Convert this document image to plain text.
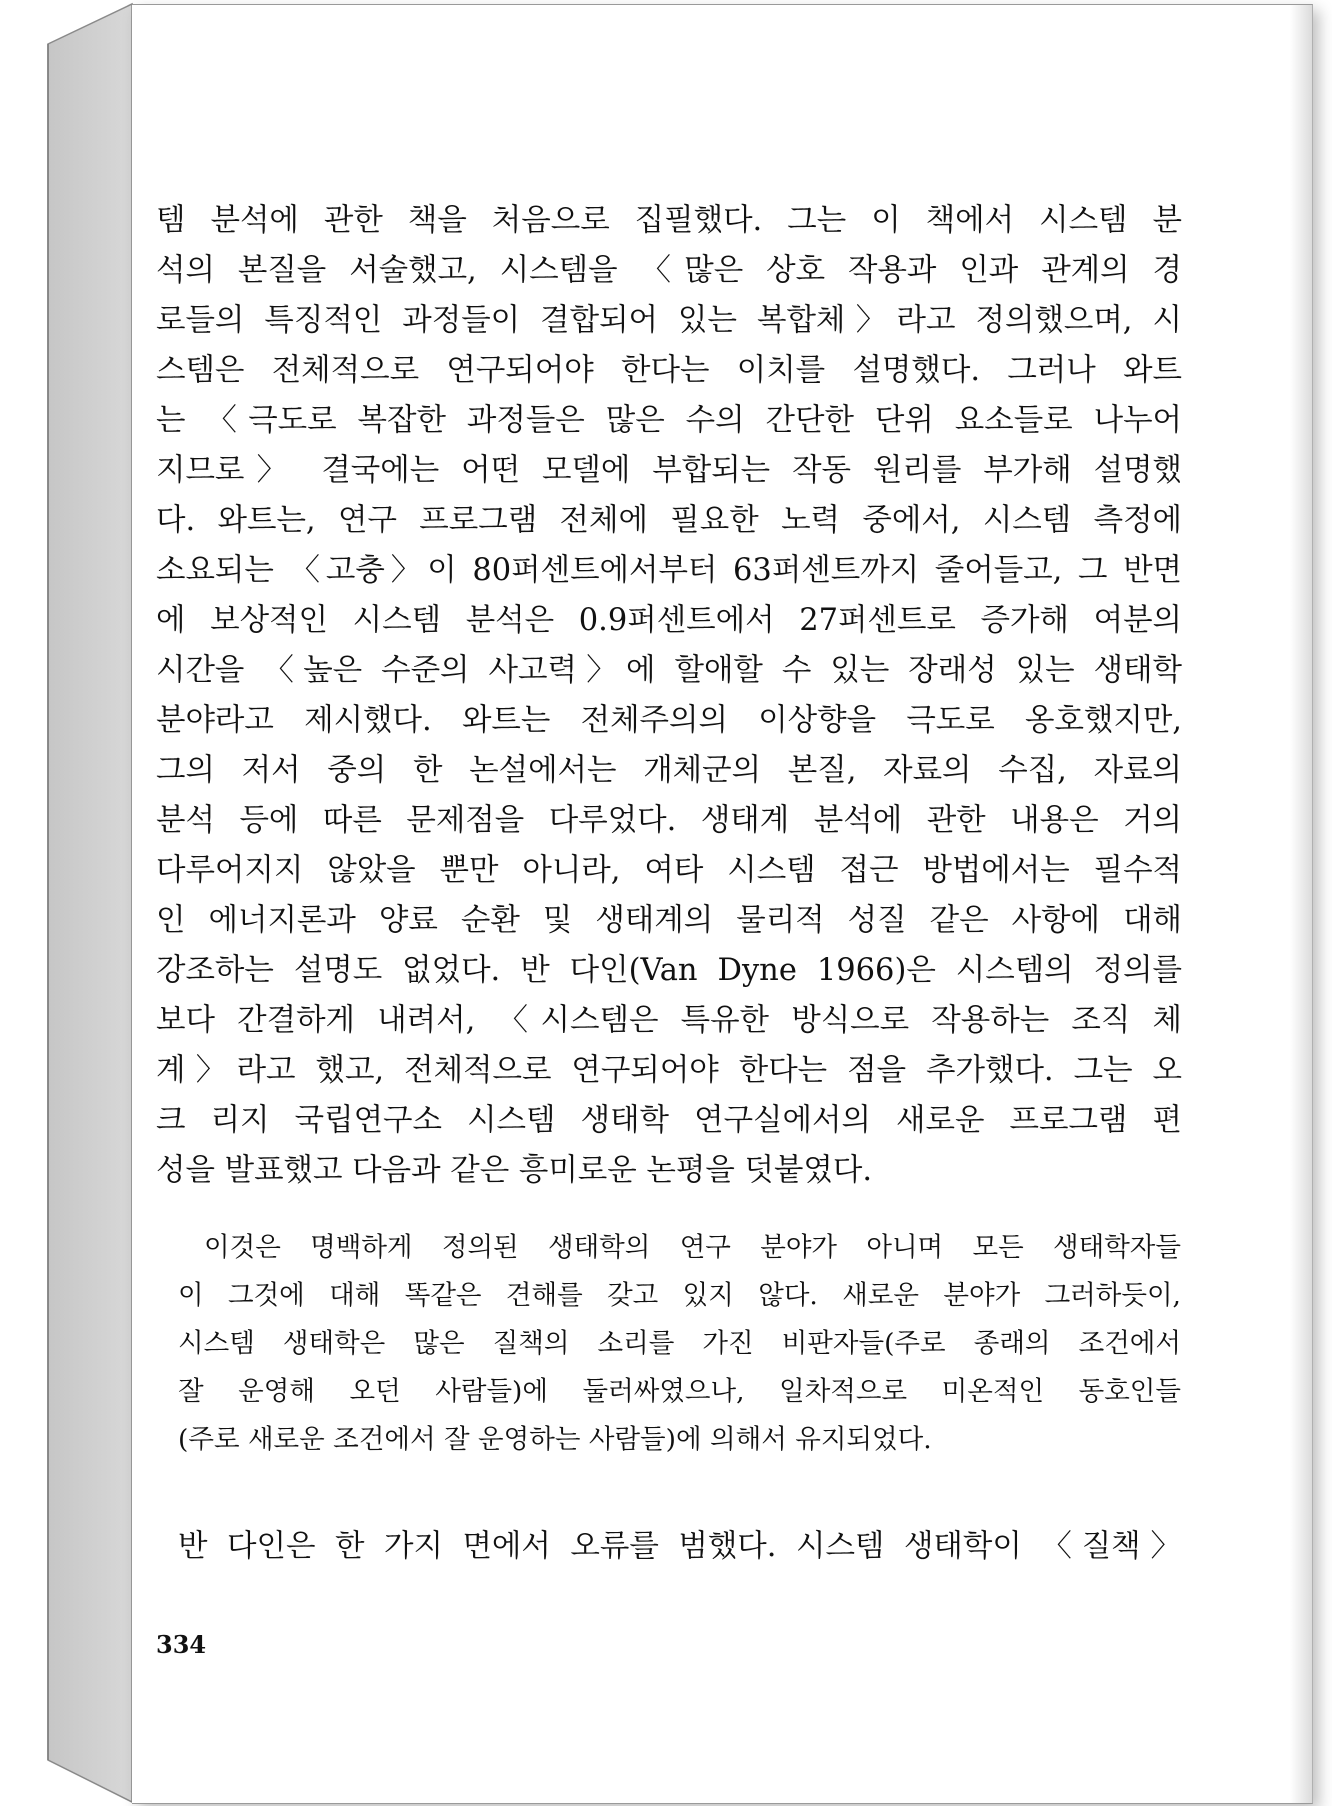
템 분석에 관한 책을 처음으로 집필했다. 그는 이 책에서 시스템 분
석의 본질을 서술했고, 시스템을 〈많은 상호 작용과 인과 관계의 경
로들의 특징적인 과정들이 결합되어 있는 복합체〉라고 정의했으며, 시
스템은 전체적으로 연구되어야 한다는 이치를 설명했다. 그러나 와트
는 〈극도로 복잡한 과정들은 많은 수의 간단한 단위 요소들로 나누어
지므로〉 결국에는 어떤 모델에 부합되는 작동 원리를 부가해 설명했
다. 와트는, 연구 프로그램 전체에 필요한 노력 중에서, 시스템 측정에
소요되는 〈고충〉이 80퍼센트에서부터 63퍼센트까지 줄어들고, 그 반면
에 보상적인 시스템 분석은 0.9퍼센트에서 27퍼센트로 증가해 여분의
시간을 〈높은 수준의 사고력〉에 할애할 수 있는 장래성 있는 생태학
분야라고 제시했다. 와트는 전체주의의 이상향을 극도로 옹호했지만,
그의 저서 중의 한 논설에서는 개체군의 본질, 자료의 수집, 자료의
분석 등에 따른 문제점을 다루었다. 생태계 분석에 관한 내용은 거의
다루어지지 않았을 뿐만 아니라, 여타 시스템 접근 방법에서는 필수적
인 에너지론과 양료 순환 및 생태계의 물리적 성질 같은 사항에 대해
강조하는 설명도 없었다. 반 다인(Van Dyne 1966)은 시스템의 정의를
보다 간결하게 내려서, 〈시스템은 특유한 방식으로 작용하는 조직 체
계〉라고 했고, 전체적으로 연구되어야 한다는 점을 추가했다. 그는 오
크 리지 국립연구소 시스템 생태학 연구실에서의 새로운 프로그램 편
성을 발표했고 다음과 같은 흥미로운 논평을 덧붙였다.
이것은 명백하게 정의된 생태학의 연구 분야가 아니며 모든 생태학자들
이 그것에 대해 똑같은 견해를 갖고 있지 않다. 새로운 분야가 그러하듯이,
시스템 생태학은 많은 질책의 소리를 가진 비판자들(주로 종래의 조건에서
잘 운영해 오던 사람들)에 둘러싸였으나, 일차적으로 미온적인 동호인들
(주로 새로운 조건에서 잘 운영하는 사람들)에 의해서 유지되었다.
반 다인은 한 가지 면에서 오류를 범했다. 시스템 생태학이 〈질책〉
334
